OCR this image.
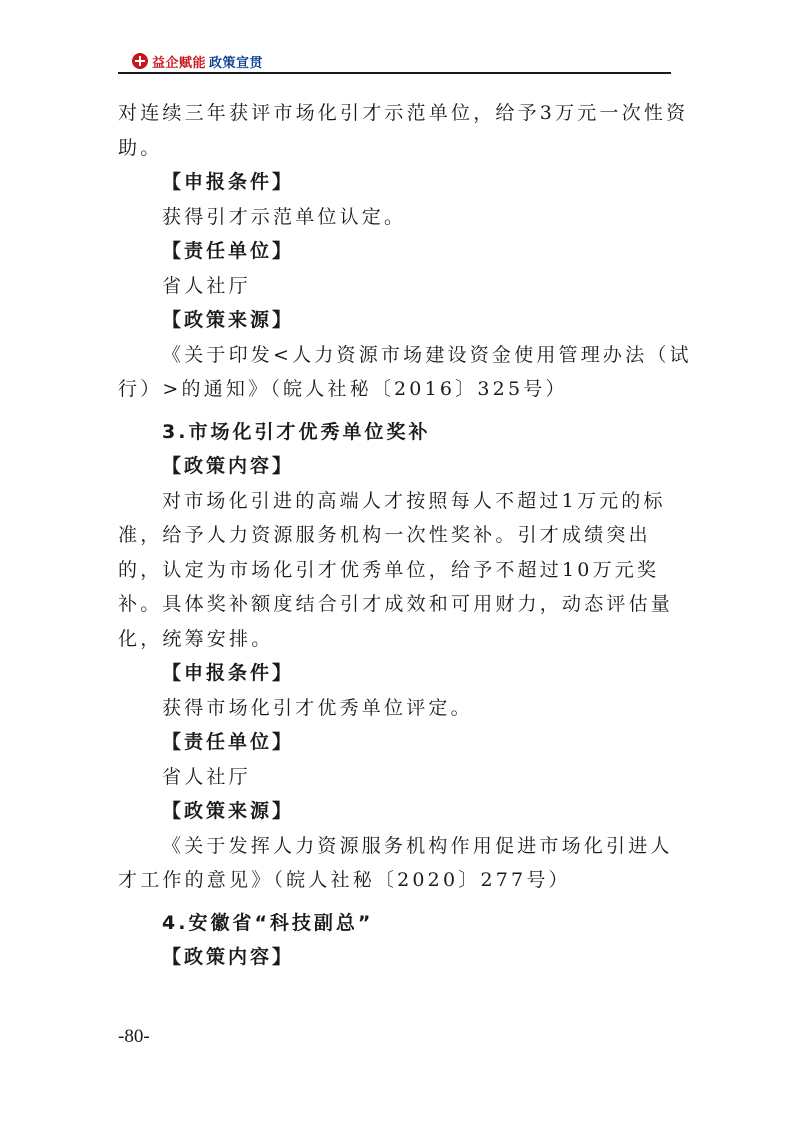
益企赋能 政策宣贯

对连续三年获评市场化引才示范单位，给予3万元一次性资

助。

【申报条件】

获得引才示范单位认定。

【责任单位】

省人社厅

【政策来源】

《关于印发<人力资源市场建设资金使用管理办法（试

行）>的通知》（皖人社秘〔2016〕325号）

3.市场化引才优秀单位奖补

【政策内容】

对市场化引进的高端人才按照每人不超过1万元的标

准，给予人力资源服务机构一次性奖补。引才成绩突出

的，认定为市场化引才优秀单位，给予不超过10万元奖

补。具体奖补额度结合引才成效和可用财力，动态评估量

化，统筹安排。

【申报条件】

获得市场化引才优秀单位评定。

【责任单位】

省人社厅

【政策来源】

《关于发挥人力资源服务机构作用促进市场化引进人

才工作的意见》（皖人社秘〔2020〕277号）

4.安徽省“科技副总”

【政策内容】

-80-
